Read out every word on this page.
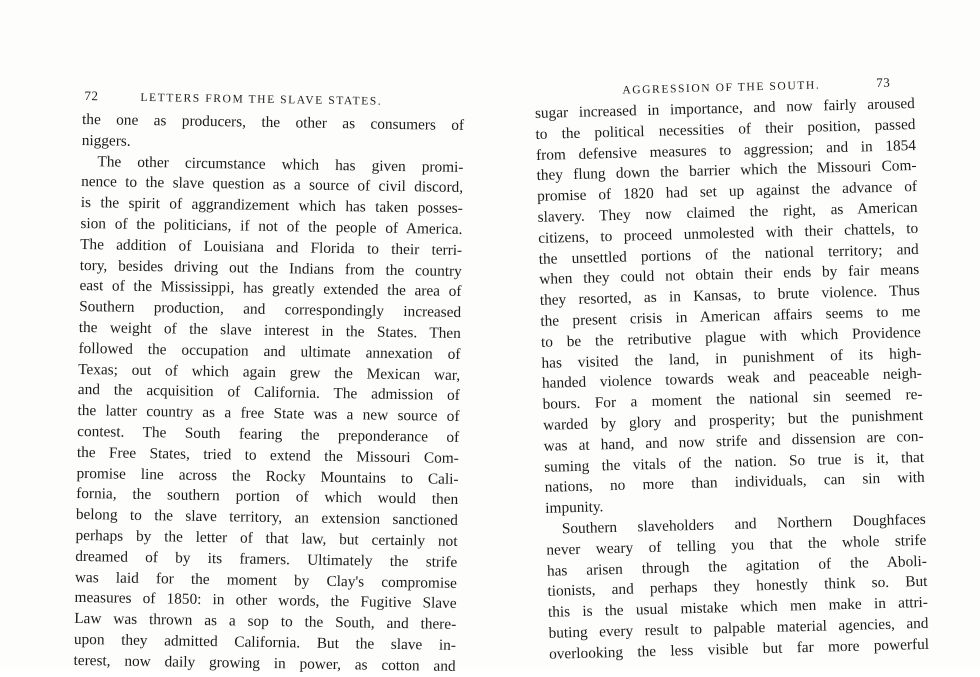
72	LETTERS FROM THE SLAVE STATES.
the one as producers, the other as consumers of
niggers.
The other circumstance which has given promi-
nence to the slave question as a source of civil discord,
is the spirit of aggrandizement which has taken posses-
sion of the politicians, if not of the people of America.
The addition of Louisiana and Florida to their terri-
tory, besides driving out the Indians from the country
east of the Mississippi, has greatly extended the area of
Southern production, and correspondingly increased
the weight of the slave interest in the States. Then
followed the occupation and ultimate annexation of
Texas; out of which again grew the Mexican war,
and the acquisition of California. The admission of
the latter country as a free State was a new source of
contest. The South fearing the preponderance of
the Free States, tried to extend the Missouri Com-
promise line across the Rocky Mountains to Cali-
fornia, the southern portion of which would then
belong to the slave territory, an extension sanctioned
perhaps by the letter of that law, but certainly not
dreamed of by its framers. Ultimately the strife
was laid for the moment by Clay's compromise
measures of 1850: in other words, the Fugitive Slave
Law was thrown as a sop to the South, and there-
upon they admitted California. But the slave in-
terest, now daily growing in power, as cotton and
AGGRESSION OF THE SOUTH.	73
sugar increased in importance, and now fairly aroused
to the political necessities of their position, passed
from defensive measures to aggression; and in 1854
they flung down the barrier which the Missouri Com-
promise of 1820 had set up against the advance of
slavery. They now claimed the right, as American
citizens, to proceed unmolested with their chattels, to
the unsettled portions of the national territory; and
when they could not obtain their ends by fair means
they resorted, as in Kansas, to brute violence. Thus
the present crisis in American affairs seems to me
to be the retributive plague with which Providence
has visited the land, in punishment of its high-
handed violence towards weak and peaceable neigh-
bours. For a moment the national sin seemed re-
warded by glory and prosperity; but the punishment
was at hand, and now strife and dissension are con-
suming the vitals of the nation. So true is it, that
nations, no more than individuals, can sin with
impunity.
Southern slaveholders and Northern Doughfaces
never weary of telling you that the whole strife
has arisen through the agitation of the Aboli-
tionists, and perhaps they honestly think so. But
this is the usual mistake which men make in attri-
buting every result to palpable material agencies, and
overlooking the less visible but far more powerful
